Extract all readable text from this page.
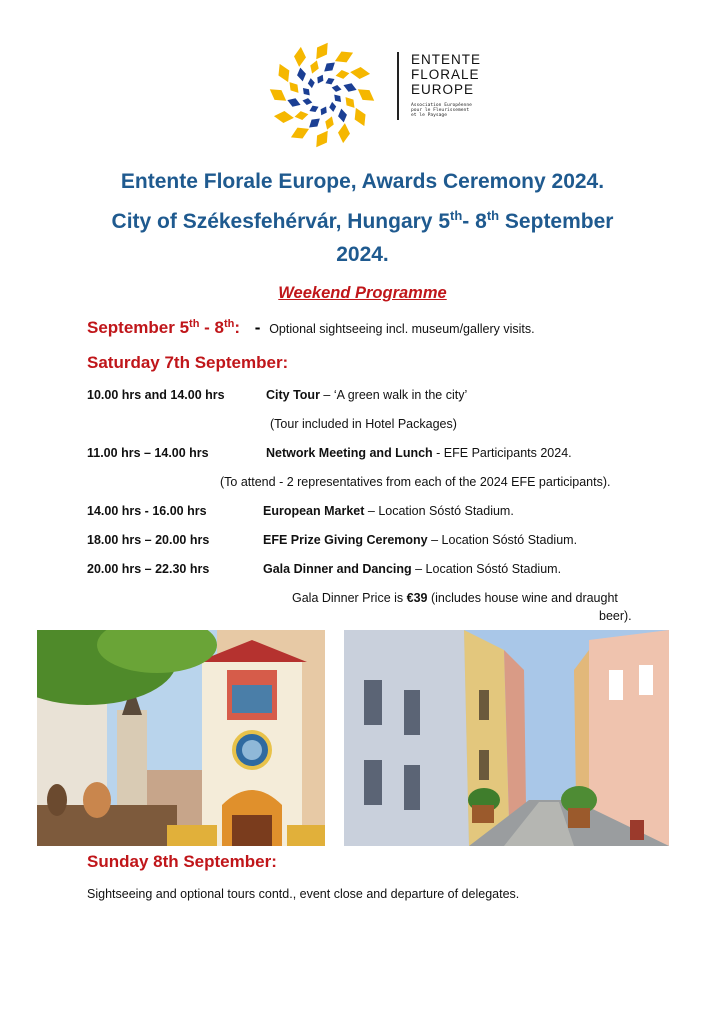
ENTENTE
FLORALE
EUROPE
Association Européenne
pour le Fleurissement
et le Paysage
Entente Florale Europe, Awards Ceremony 2024.
City of Székesfehérvár, Hungary 5th- 8th September
2024.
Weekend Programme
September 5th - 8th: - Optional sightseeing incl. museum/gallery visits.
Saturday 7th September:
10.00 hrs and 14.00 hrs	City Tour – ‘A green walk in the city’
(Tour included in Hotel Packages)
11.00 hrs – 14.00 hrs	Network Meeting and Lunch - EFE Participants 2024.
(To attend - 2 representatives from each of the 2024 EFE participants).
14.00 hrs - 16.00 hrs	European Market – Location Sóstó Stadium.
18.00 hrs – 20.00 hrs	EFE Prize Giving Ceremony – Location Sóstó Stadium.
20.00 hrs – 22.30 hrs	Gala Dinner and Dancing – Location Sóstó Stadium.
Gala Dinner Price is €39 (includes house wine and draught
beer).
Sunday 8th September:
Sightseeing and optional tours contd., event close and departure of delegates.
